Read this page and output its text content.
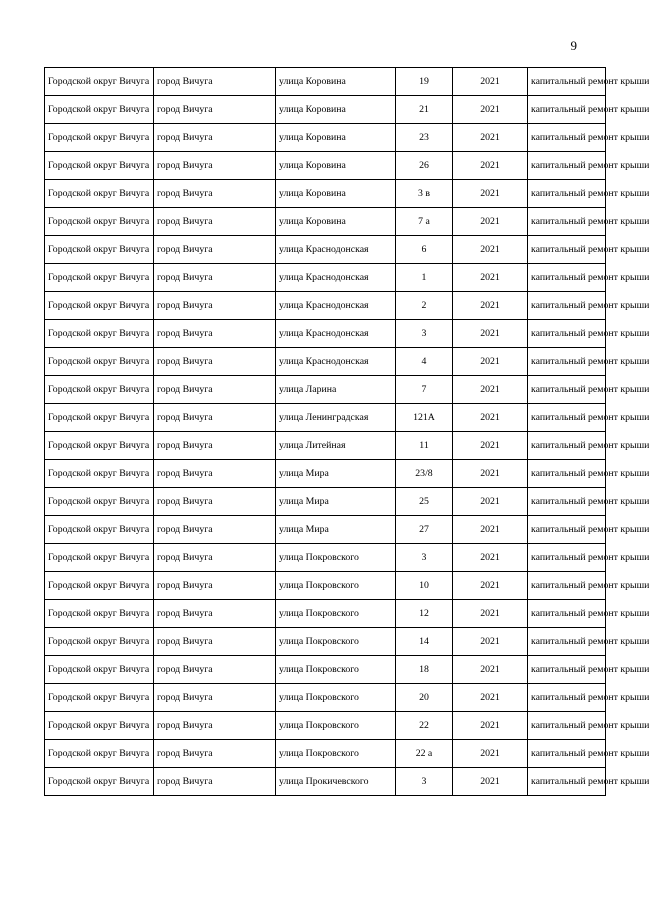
9
Городской округ Вичуга	город Вичуга	улица Коровина	19	2021	капитальный ремонт крыши
Городской округ Вичуга	город Вичуга	улица Коровина	21	2021	капитальный ремонт крыши
Городской округ Вичуга	город Вичуга	улица Коровина	23	2021	капитальный ремонт крыши
Городской округ Вичуга	город Вичуга	улица Коровина	26	2021	капитальный ремонт крыши
Городской округ Вичуга	город Вичуга	улица Коровина	3 в	2021	капитальный ремонт крыши
Городской округ Вичуга	город Вичуга	улица Коровина	7 а	2021	капитальный ремонт крыши
Городской округ Вичуга	город Вичуга	улица Краснодонская	6	2021	капитальный ремонт крыши
Городской округ Вичуга	город Вичуга	улица Краснодонская	1	2021	капитальный ремонт крыши
Городской округ Вичуга	город Вичуга	улица Краснодонская	2	2021	капитальный ремонт крыши
Городской округ Вичуга	город Вичуга	улица Краснодонская	3	2021	капитальный ремонт крыши
Городской округ Вичуга	город Вичуга	улица Краснодонская	4	2021	капитальный ремонт крыши
Городской округ Вичуга	город Вичуга	улица Ларина	7	2021	капитальный ремонт крыши
Городской округ Вичуга	город Вичуга	улица Ленинградская	121А	2021	капитальный ремонт крыши
Городской округ Вичуга	город Вичуга	улица Литейная	11	2021	капитальный ремонт крыши
Городской округ Вичуга	город Вичуга	улица Мира	23/8	2021	капитальный ремонт крыши
Городской округ Вичуга	город Вичуга	улица Мира	25	2021	капитальный ремонт крыши
Городской округ Вичуга	город Вичуга	улица Мира	27	2021	капитальный ремонт крыши
Городской округ Вичуга	город Вичуга	улица Покровского	3	2021	капитальный ремонт крыши
Городской округ Вичуга	город Вичуга	улица Покровского	10	2021	капитальный ремонт крыши
Городской округ Вичуга	город Вичуга	улица Покровского	12	2021	капитальный ремонт крыши
Городской округ Вичуга	город Вичуга	улица Покровского	14	2021	капитальный ремонт крыши
Городской округ Вичуга	город Вичуга	улица Покровского	18	2021	капитальный ремонт крыши
Городской округ Вичуга	город Вичуга	улица Покровского	20	2021	капитальный ремонт крыши
Городской округ Вичуга	город Вичуга	улица Покровского	22	2021	капитальный ремонт крыши
Городской округ Вичуга	город Вичуга	улица Покровского	22 а	2021	капитальный ремонт крыши
Городской округ Вичуга	город Вичуга	улица Прокичевского	3	2021	капитальный ремонт крыши
